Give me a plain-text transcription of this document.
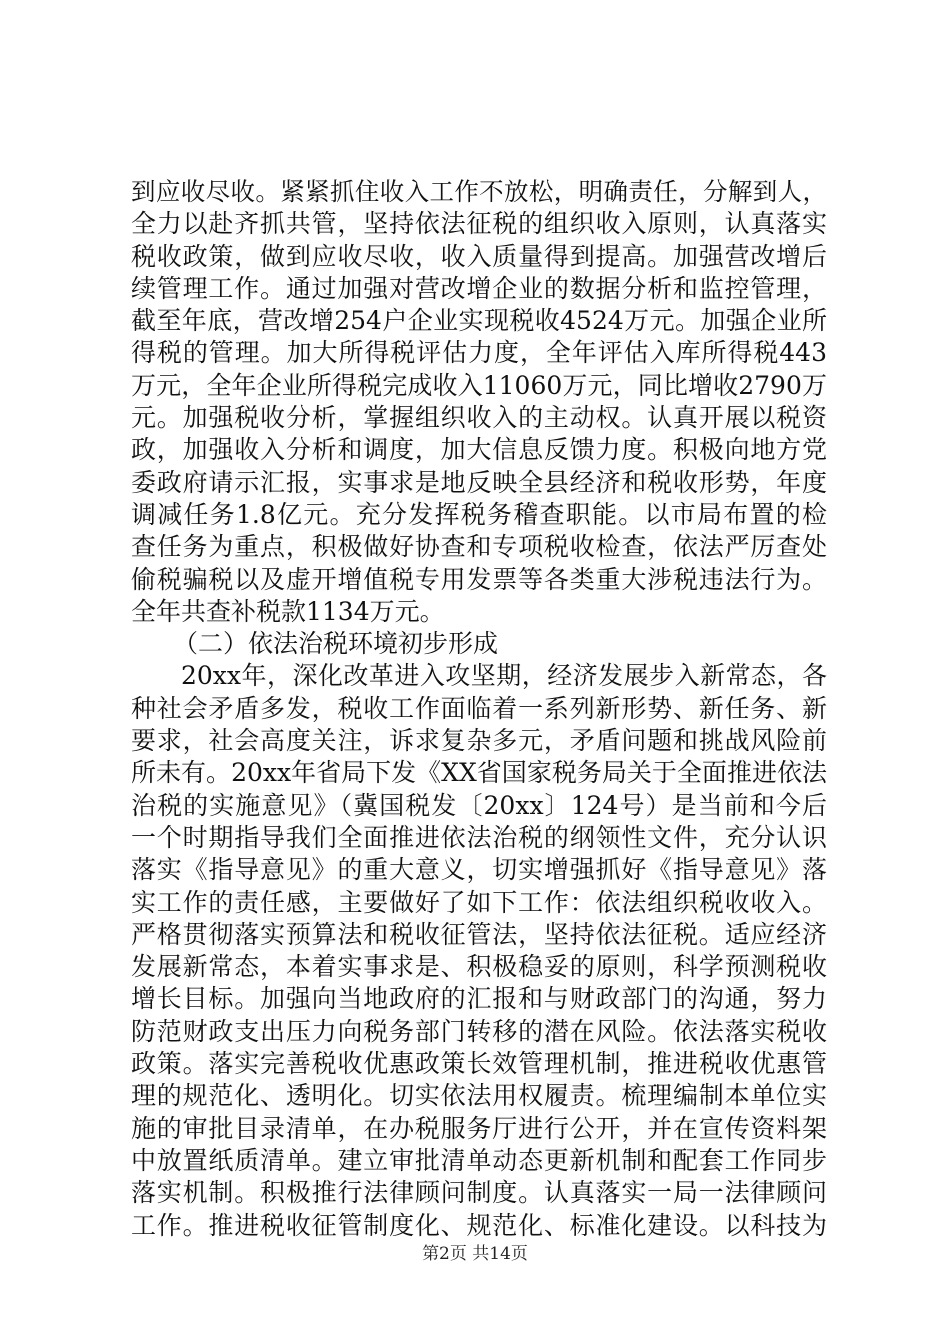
到应收尽收。紧紧抓住收入工作不放松，明确责任，分解到人，
全力以赴齐抓共管，坚持依法征税的组织收入原则，认真落实
税收政策，做到应收尽收，收入质量得到提高。加强营改增后
续管理工作。通过加强对营改增企业的数据分析和监控管理，
截至年底，营改增254户企业实现税收4524万元。加强企业所
得税的管理。加大所得税评估力度，全年评估入库所得税443
万元，全年企业所得税完成收入11060万元，同比增收2790万
元。加强税收分析，掌握组织收入的主动权。认真开展以税资
政，加强收入分析和调度，加大信息反馈力度。积极向地方党
委政府请示汇报，实事求是地反映全县经济和税收形势，年度
调减任务1.8亿元。充分发挥税务稽查职能。以市局布置的检
查任务为重点，积极做好协查和专项税收检查，依法严厉查处
偷税骗税以及虚开增值税专用发票等各类重大涉税违法行为。
全年共查补税款1134万元。
（二）依法治税环境初步形成
20xx年，深化改革进入攻坚期，经济发展步入新常态，各
种社会矛盾多发，税收工作面临着一系列新形势、新任务、新
要求，社会高度关注，诉求复杂多元，矛盾问题和挑战风险前
所未有。20xx年省局下发《XX省国家税务局关于全面推进依法
治税的实施意见》（冀国税发〔20xx〕124号）是当前和今后
一个时期指导我们全面推进依法治税的纲领性文件，充分认识
落实《指导意见》的重大意义，切实增强抓好《指导意见》落
实工作的责任感，主要做好了如下工作：依法组织税收收入。
严格贯彻落实预算法和税收征管法，坚持依法征税。适应经济
发展新常态，本着实事求是、积极稳妥的原则，科学预测税收
增长目标。加强向当地政府的汇报和与财政部门的沟通，努力
防范财政支出压力向税务部门转移的潜在风险。依法落实税收
政策。落实完善税收优惠政策长效管理机制，推进税收优惠管
理的规范化、透明化。切实依法用权履责。梳理编制本单位实
施的审批目录清单，在办税服务厅进行公开，并在宣传资料架
中放置纸质清单。建立审批清单动态更新机制和配套工作同步
落实机制。积极推行法律顾问制度。认真落实一局一法律顾问
工作。推进税收征管制度化、规范化、标准化建设。以科技为
第2页 共14页
